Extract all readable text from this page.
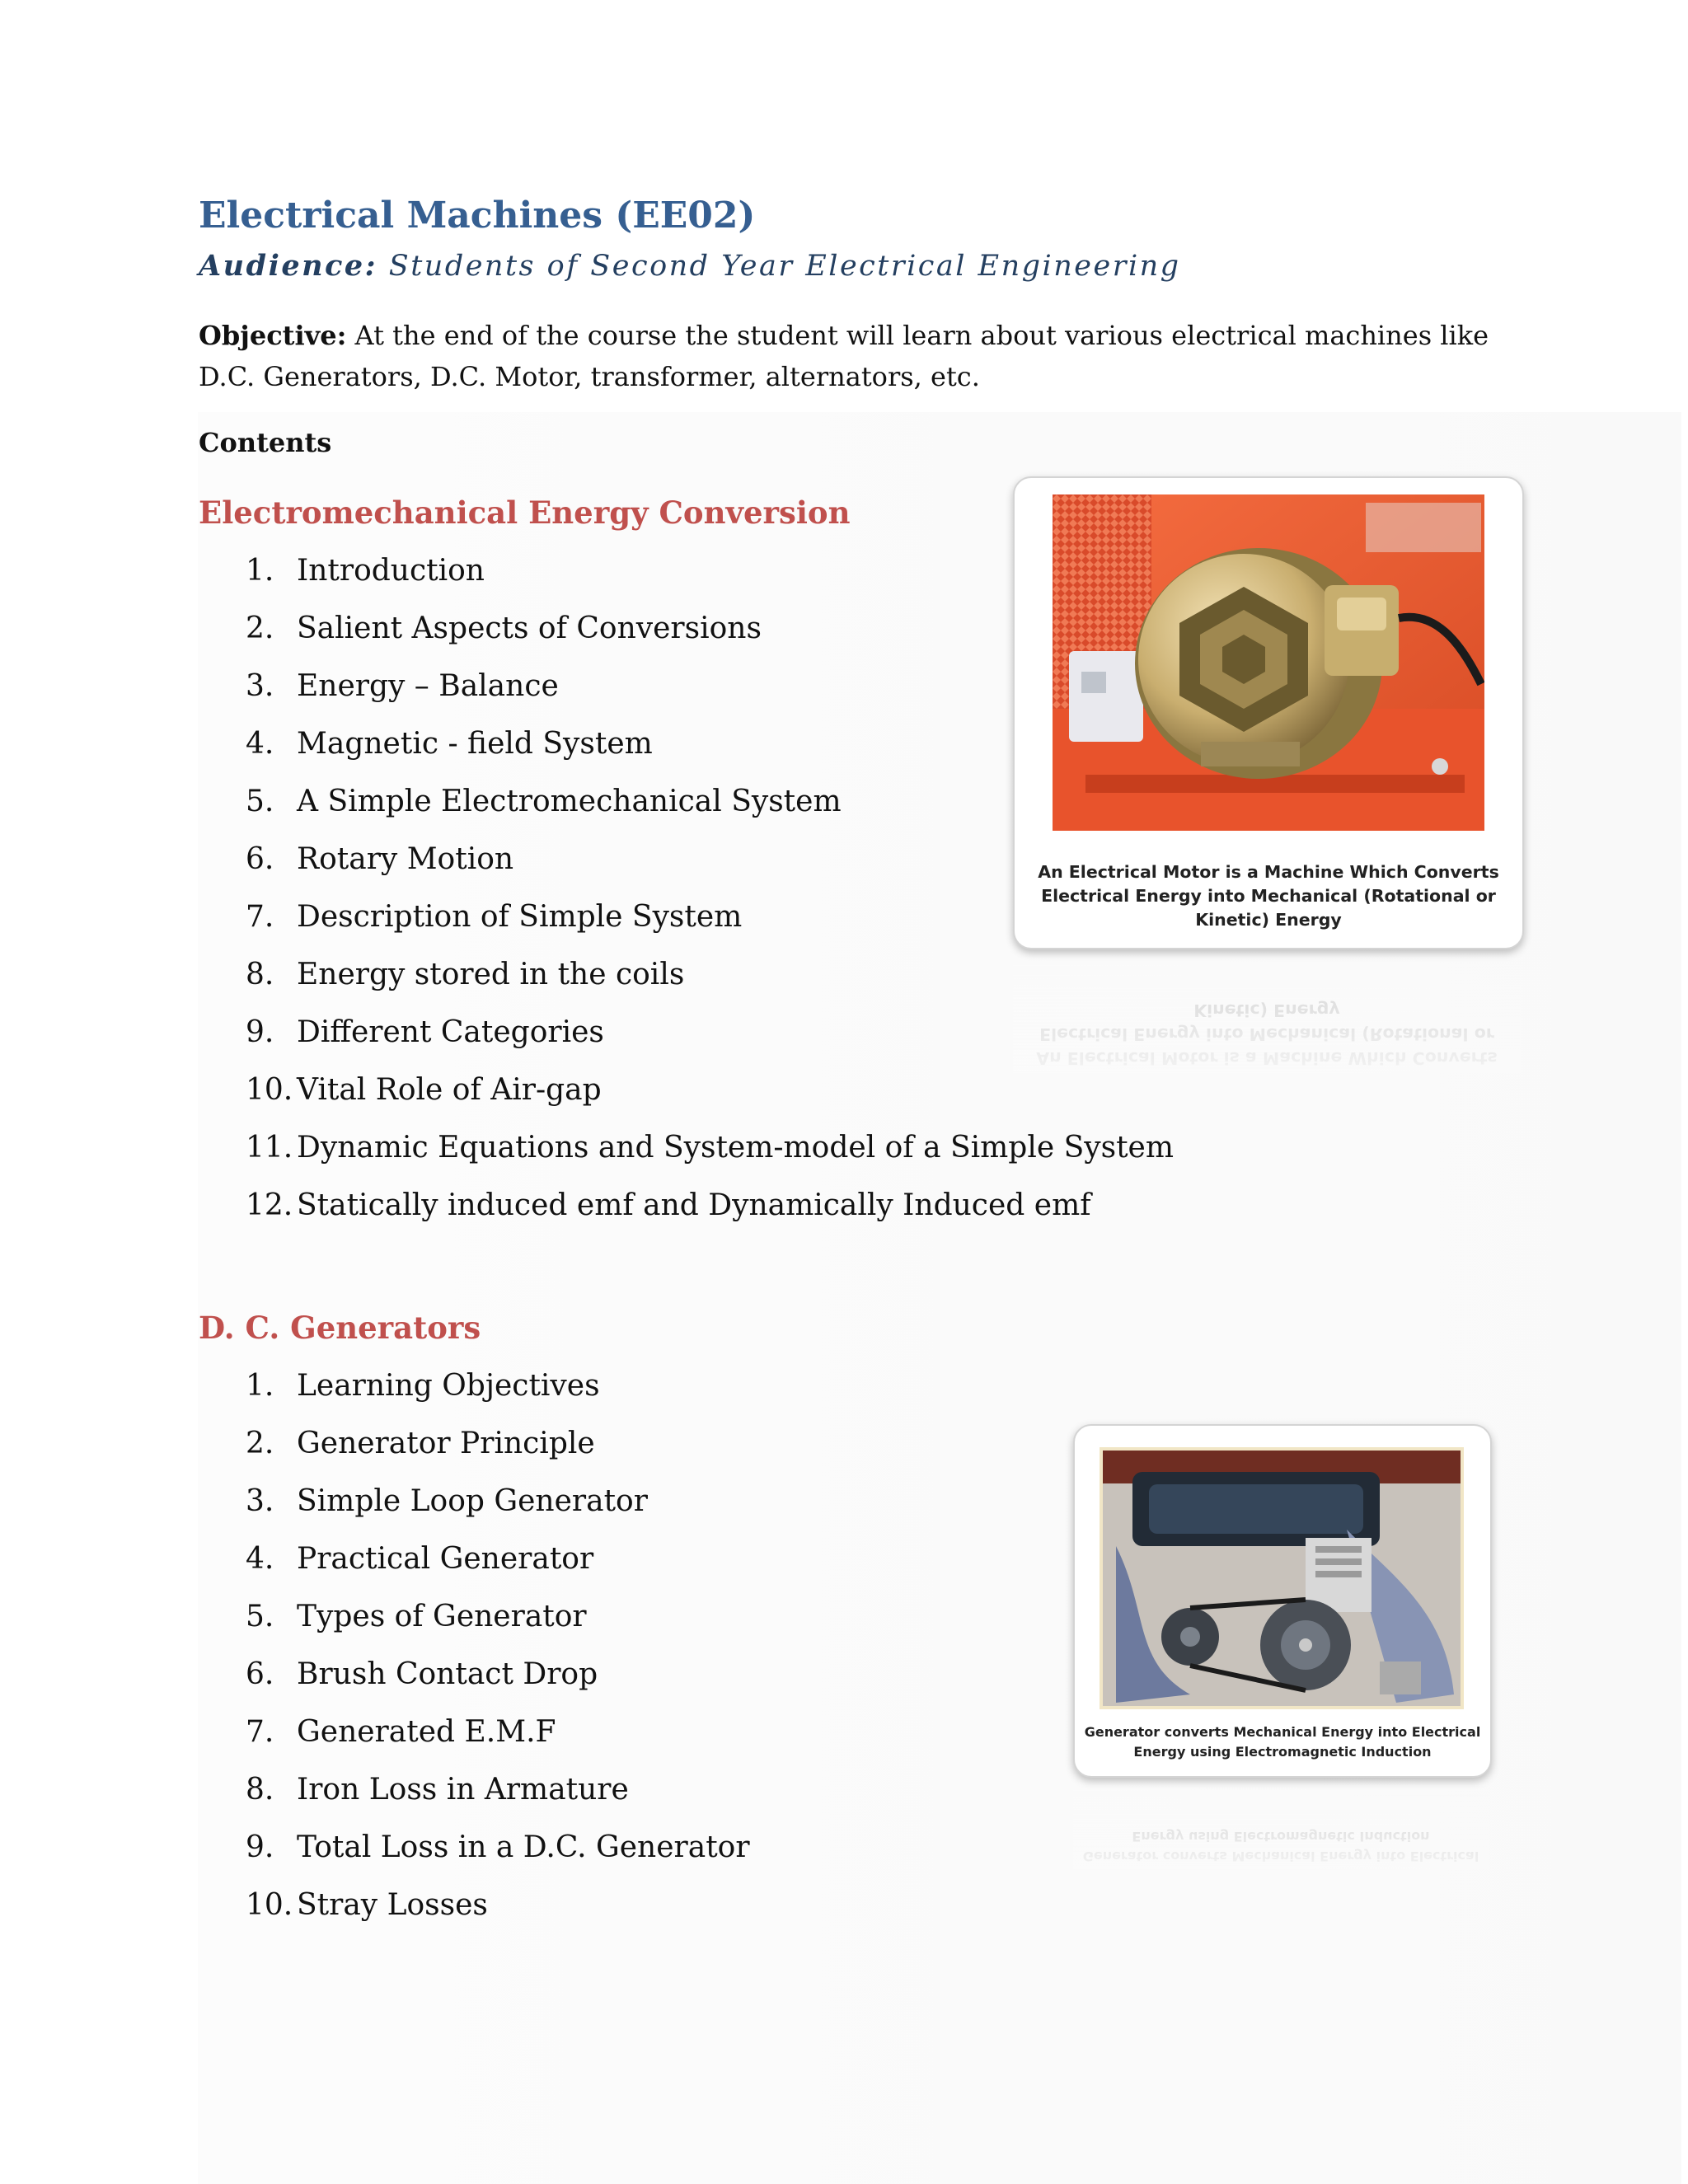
Electrical Machines (EE02)
Audience: Students of Second Year Electrical Engineering
Objective: At the end of the course the student will learn about various electrical machines like D.C. Generators, D.C. Motor, transformer, alternators, etc.
Contents
Electromechanical Energy Conversion
1. Introduction
2. Salient Aspects of Conversions
3. Energy – Balance
4. Magnetic - field System
5. A Simple Electromechanical System
6. Rotary Motion
7. Description of Simple System
8. Energy stored in the coils
9. Different Categories
10. Vital Role of Air-gap
11. Dynamic Equations and System-model of a Simple System
12. Statically induced emf and Dynamically Induced emf
D. C. Generators
1. Learning Objectives
2. Generator Principle
3. Simple Loop Generator
4. Practical Generator
5. Types of Generator
6. Brush Contact Drop
7. Generated E.M.F
8. Iron Loss in Armature
9. Total Loss in a D.C. Generator
10. Stray Losses
An Electrical Motor is a Machine Which Converts Electrical Energy into Mechanical (Rotational or Kinetic) Energy
Generator converts Mechanical Energy into Electrical Energy using Electromagnetic Induction
